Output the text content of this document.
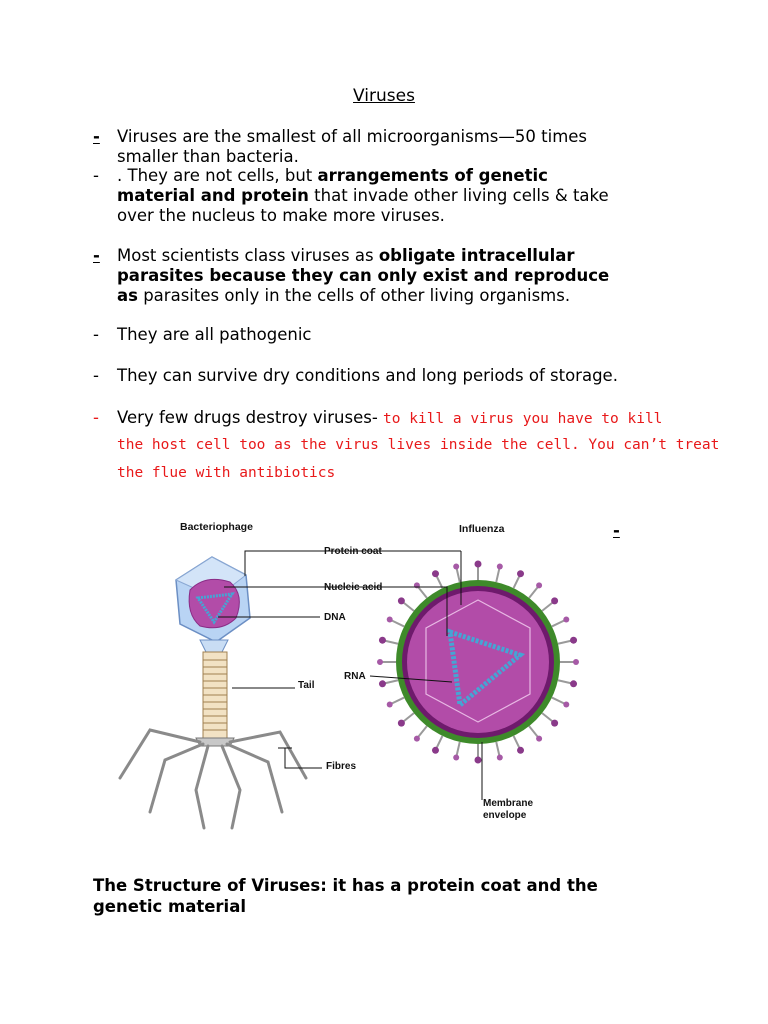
Viruses
- Viruses are the smallest of all microorganisms—50 times
smaller than bacteria.
- . They are not cells, but arrangements of genetic
material and protein that invade other living cells & take
over the nucleus to make more viruses.
- Most scientists class viruses as obligate intracellular
parasites because they can only exist and reproduce
as parasites only in the cells of other living organisms.
- They are all pathogenic
- They can survive dry conditions and long periods of storage.
- Very few drugs destroy viruses- to kill a virus you have to kill
the host cell too as the virus lives inside the cell. You can’t treat
the flue with antibiotics
Bacteriophage	Influenza	-
Protein coat
Nucleic acid
DNA
RNA
Tail
Fibres
Membrane
envelope
The Structure of Viruses: it has a protein coat and the
genetic material
